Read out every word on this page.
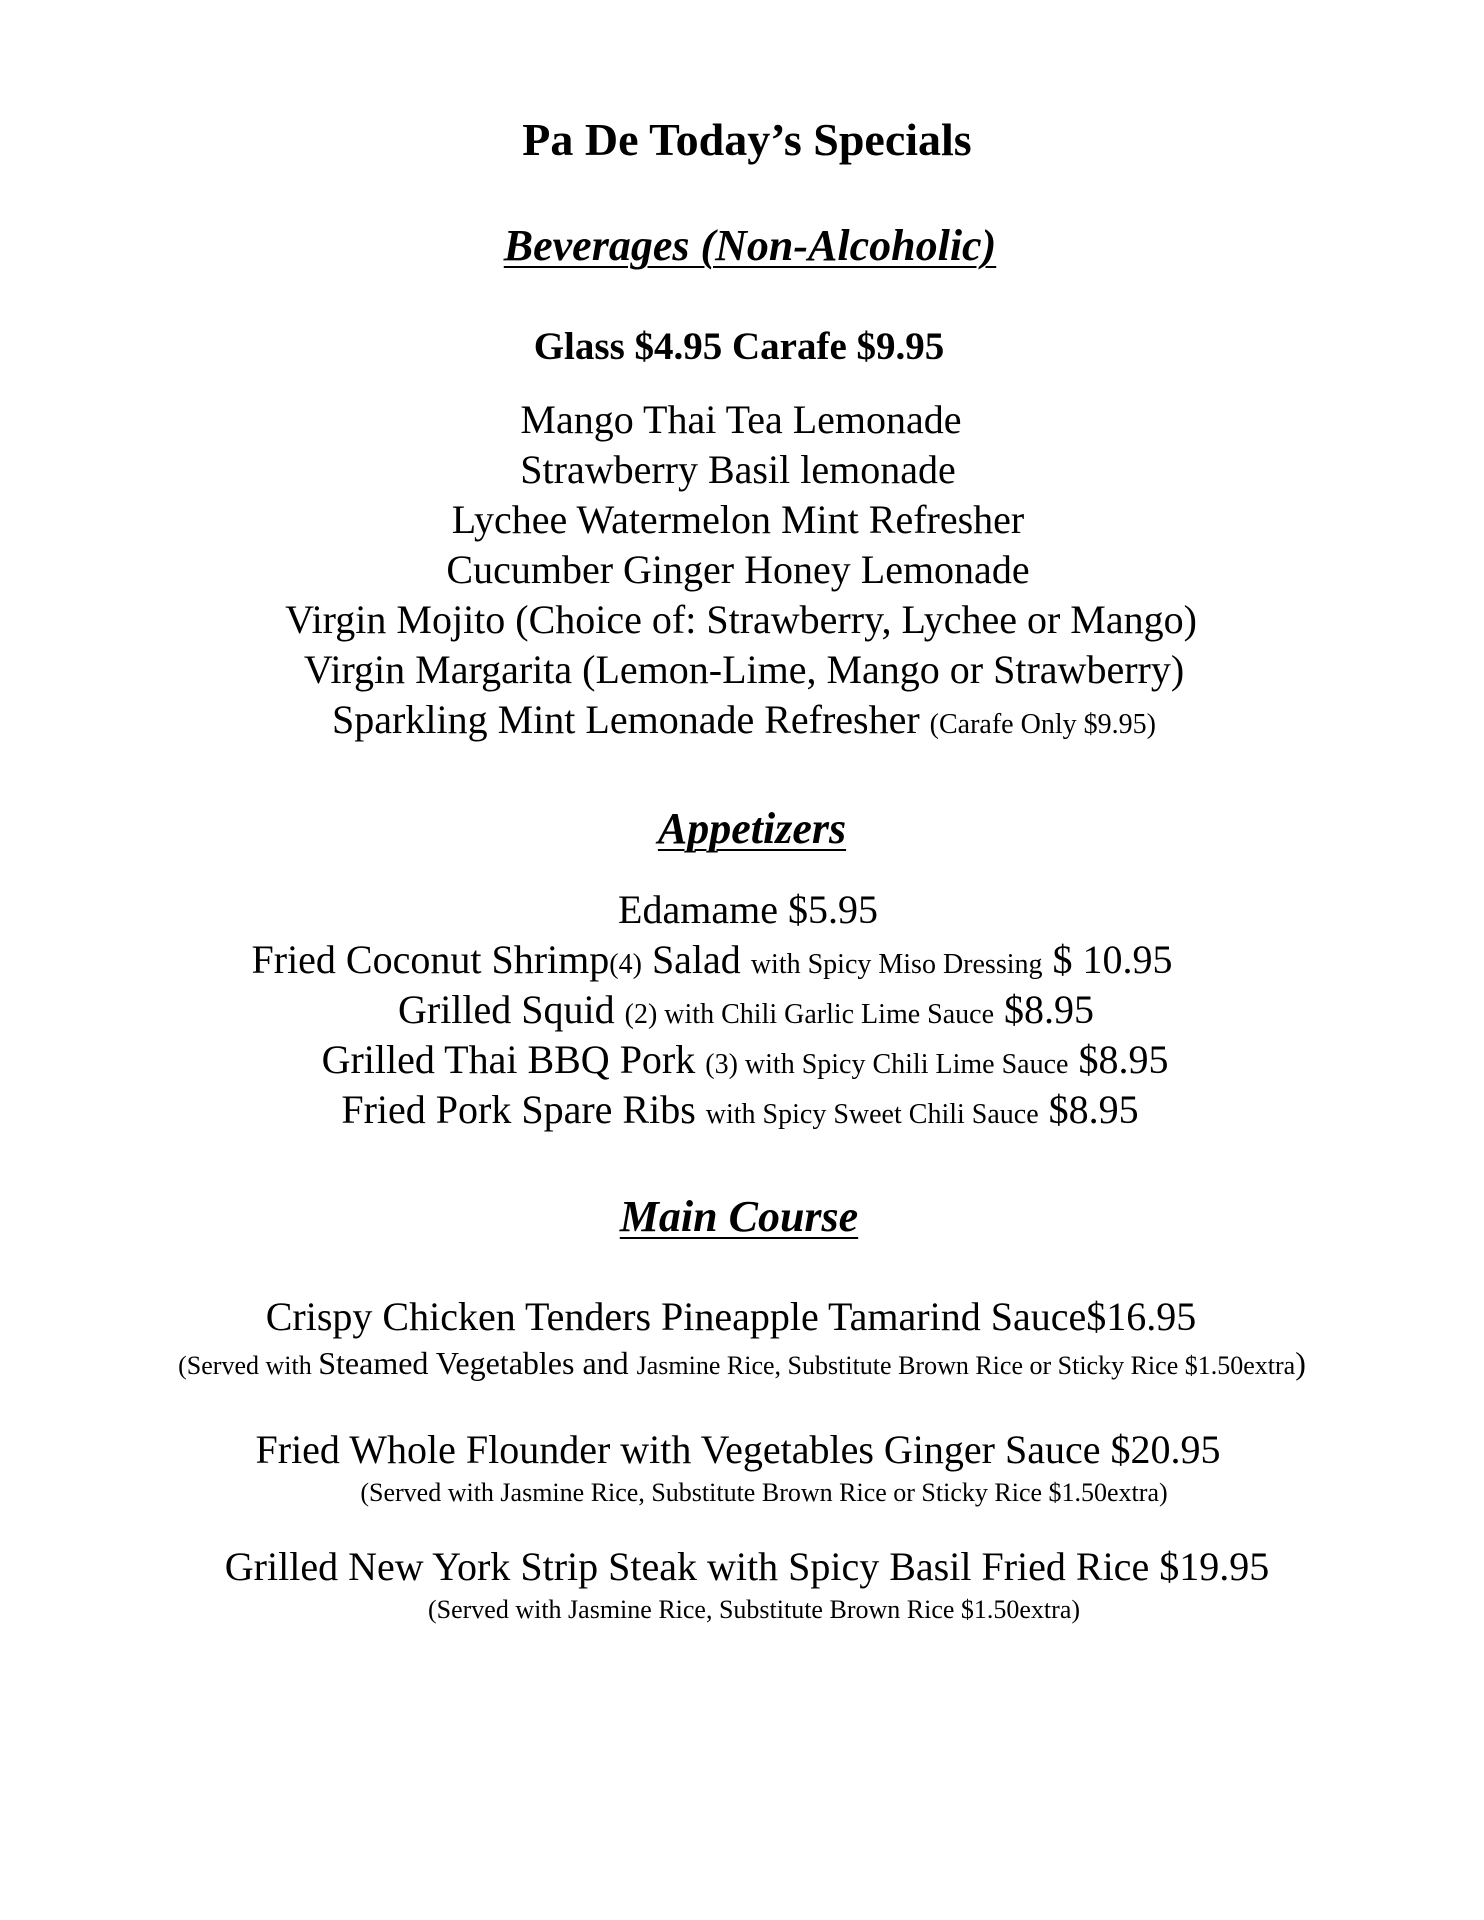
Pa De Today’s Specials
Beverages (Non-Alcoholic)
Glass $4.95 Carafe $9.95
Mango Thai Tea Lemonade
Strawberry Basil lemonade
Lychee Watermelon Mint Refresher
Cucumber Ginger Honey Lemonade
Virgin Mojito (Choice of: Strawberry, Lychee or Mango)
Virgin Margarita (Lemon-Lime, Mango or Strawberry)
Sparkling Mint Lemonade Refresher (Carafe Only $9.95)
Appetizers
Edamame $5.95
Fried Coconut Shrimp(4) Salad with Spicy Miso Dressing $ 10.95
Grilled Squid (2) with Chili Garlic Lime Sauce $8.95
Grilled Thai BBQ Pork (3) with Spicy Chili Lime Sauce $8.95
Fried Pork Spare Ribs with Spicy Sweet Chili Sauce $8.95
Main Course
Crispy Chicken Tenders Pineapple Tamarind Sauce$16.95
(Served with Steamed Vegetables and Jasmine Rice, Substitute Brown Rice or Sticky Rice $1.50extra)
Fried Whole Flounder with Vegetables Ginger Sauce $20.95
(Served with Jasmine Rice, Substitute Brown Rice or Sticky Rice $1.50extra)
Grilled New York Strip Steak with Spicy Basil Fried Rice $19.95
(Served with Jasmine Rice, Substitute Brown Rice $1.50extra)
